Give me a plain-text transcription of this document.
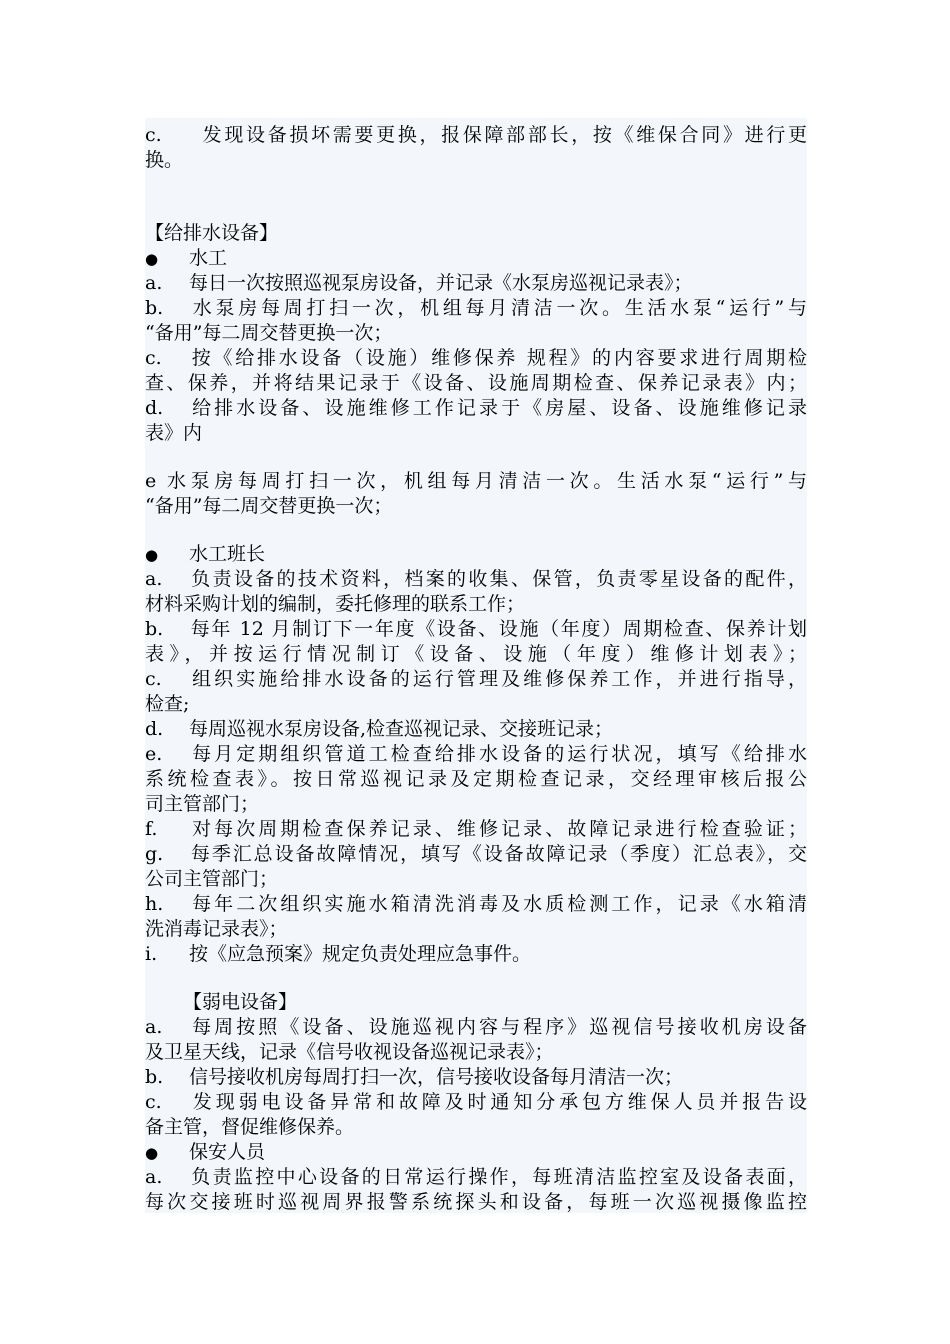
c. 发现设备损坏需要更换，报保障部部长，按《维保合同》进行更
换。
【给排水设备】
● 水工
a. 每日一次按照巡视泵房设备，并记录《水泵房巡视记录表》；
b. 水泵房每周打扫一次，机组每月清洁一次。生活水泵“运行”与
“备用”每二周交替更换一次；
c. 按《给排水设备（设施）维修保养 规程》的内容要求进行周期检
查、保养，并将结果记录于《设备、设施周期检查、保养记录表》内；
d. 给排水设备、设施维修工作记录于《房屋、设备、设施维修记录
表》内
e 水泵房每周打扫一次，机组每月清洁一次。生活水泵“运行”与
“备用”每二周交替更换一次；
● 水工班长
a. 负责设备的技术资料，档案的收集、保管，负责零星设备的配件，
材料采购计划的编制，委托修理的联系工作；
b. 每年 12 月制订下一年度《设备、设施（年度）周期检查、保养计划
表》，并按运行情况制订《设备、设施（年度）维修计划表》；
c. 组织实施给排水设备的运行管理及维修保养工作，并进行指导，
检查;
d. 每周巡视水泵房设备,检查巡视记录、交接班记录；
e. 每月定期组织管道工检查给排水设备的运行状况，填写《给排水
系统检查表》。按日常巡视记录及定期检查记录，交经理审核后报公
司主管部门；
f. 对每次周期检查保养记录、维修记录、故障记录进行检查验证；
g. 每季汇总设备故障情况，填写《设备故障记录（季度）汇总表》，交
公司主管部门；
h. 每年二次组织实施水箱清洗消毒及水质检测工作，记录《水箱清
洗消毒记录表》；
i. 按《应急预案》规定负责处理应急事件。
【弱电设备】
a. 每周按照《设备、设施巡视内容与程序》巡视信号接收机房设备
及卫星天线，记录《信号收视设备巡视记录表》；
b. 信号接收机房每周打扫一次，信号接收设备每月清洁一次；
c. 发现弱电设备异常和故障及时通知分承包方维保人员并报告设
备主管，督促维修保养。
● 保安人员
a. 负责监控中心设备的日常运行操作，每班清洁监控室及设备表面，
每次交接班时巡视周界报警系统探头和设备，每班一次巡视摄像监控
